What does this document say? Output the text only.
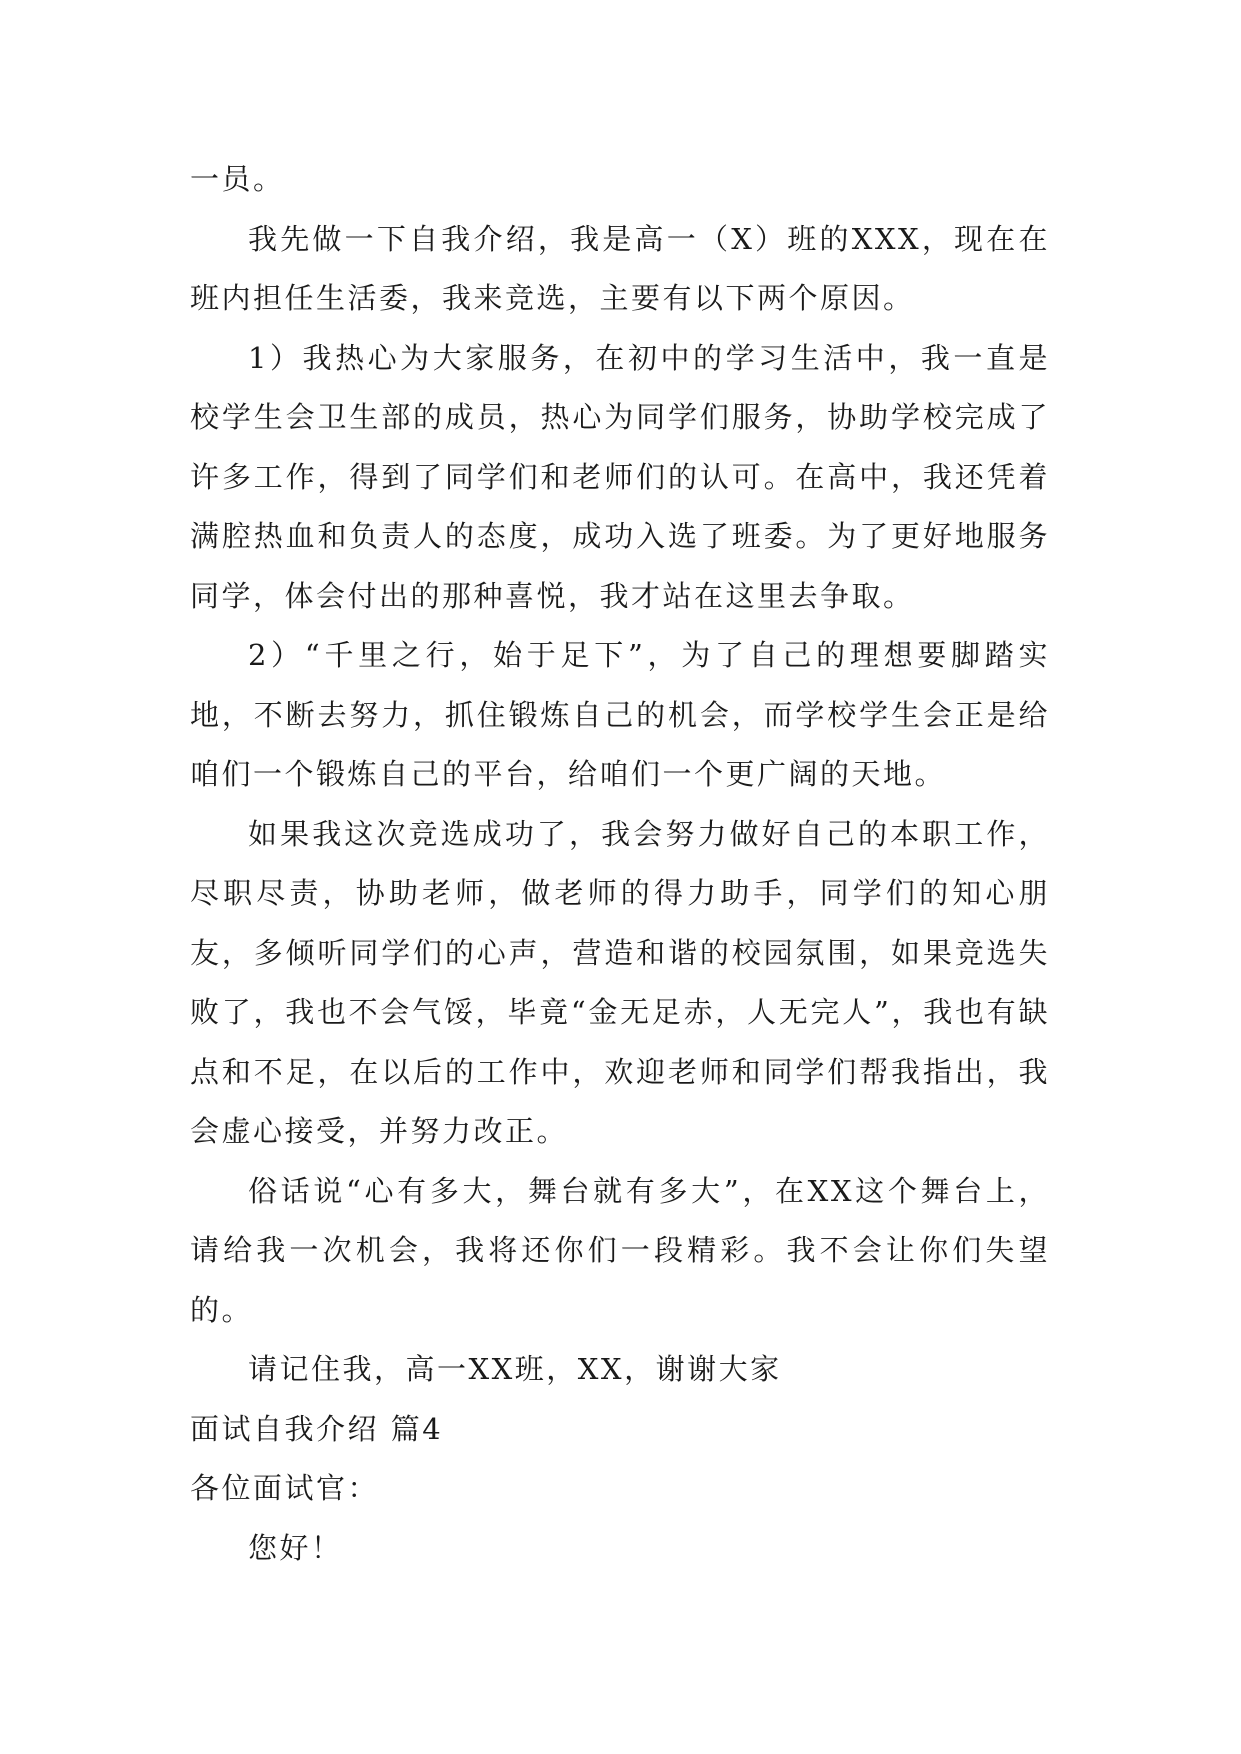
一员。

我先做一下自我介绍，我是高一（X）班的XXX，现在在班内担任生活委，我来竞选，主要有以下两个原因。

1）我热心为大家服务，在初中的学习生活中，我一直是校学生会卫生部的成员，热心为同学们服务，协助学校完成了许多工作，得到了同学们和老师们的认可。在高中，我还凭着满腔热血和负责人的态度，成功入选了班委。为了更好地服务同学，体会付出的那种喜悦，我才站在这里去争取。

2）“千里之行，始于足下”，为了自己的理想要脚踏实地，不断去努力，抓住锻炼自己的机会，而学校学生会正是给咱们一个锻炼自己的平台，给咱们一个更广阔的天地。

如果我这次竞选成功了，我会努力做好自己的本职工作，尽职尽责，协助老师，做老师的得力助手，同学们的知心朋友，多倾听同学们的心声，营造和谐的校园氛围，如果竞选失败了，我也不会气馁，毕竟“金无足赤，人无完人”，我也有缺点和不足，在以后的工作中，欢迎老师和同学们帮我指出，我会虚心接受，并努力改正。

俗话说“心有多大，舞台就有多大”，在XX这个舞台上，请给我一次机会，我将还你们一段精彩。我不会让你们失望的。

请记住我，高一XX班，XX，谢谢大家

面试自我介绍 篇4

各位面试官：

您好！
